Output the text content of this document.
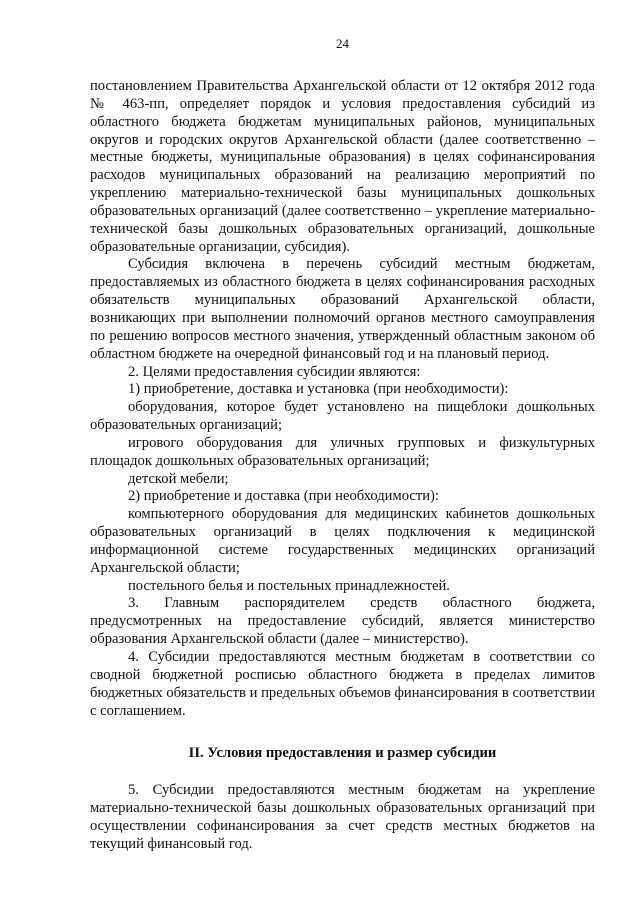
24

постановлением Правительства Архангельской области от 12 октября 2012 года № 463-пп, определяет порядок и условия предоставления субсидий из областного бюджета бюджетам муниципальных районов, муниципальных округов и городских округов Архангельской области (далее соответственно – местные бюджеты, муниципальные образования) в целях софинансирования расходов муниципальных образований на реализацию мероприятий по укреплению материально-технической базы муниципальных дошкольных образовательных организаций (далее соответственно – укрепление материально-технической базы дошкольных образовательных организаций, дошкольные образовательные организации, субсидия).

Субсидия включена в перечень субсидий местным бюджетам, предоставляемых из областного бюджета в целях софинансирования расходных обязательств муниципальных образований Архангельской области, возникающих при выполнении полномочий органов местного самоуправления по решению вопросов местного значения, утвержденный областным законом об областном бюджете на очередной финансовый год и на плановый период.

2. Целями предоставления субсидии являются:

1) приобретение, доставка и установка (при необходимости):

оборудования, которое будет установлено на пищеблоки дошкольных образовательных организаций;

игрового оборудования для уличных групповых и физкультурных площадок дошкольных образовательных организаций;

детской мебели;

2) приобретение и доставка (при необходимости):

компьютерного оборудования для медицинских кабинетов дошкольных образовательных организаций в целях подключения к медицинской информационной системе государственных медицинских организаций Архангельской области;

постельного белья и постельных принадлежностей.

3. Главным распорядителем средств областного бюджета, предусмотренных на предоставление субсидий, является министерство образования Архангельской области (далее – министерство).

4. Субсидии предоставляются местным бюджетам в соответствии со сводной бюджетной росписью областного бюджета в пределах лимитов бюджетных обязательств и предельных объемов финансирования в соответствии с соглашением.

II. Условия предоставления и размер субсидии

5. Субсидии предоставляются местным бюджетам на укрепление материально-технической базы дошкольных образовательных организаций при осуществлении софинансирования за счет средств местных бюджетов на текущий финансовый год.
